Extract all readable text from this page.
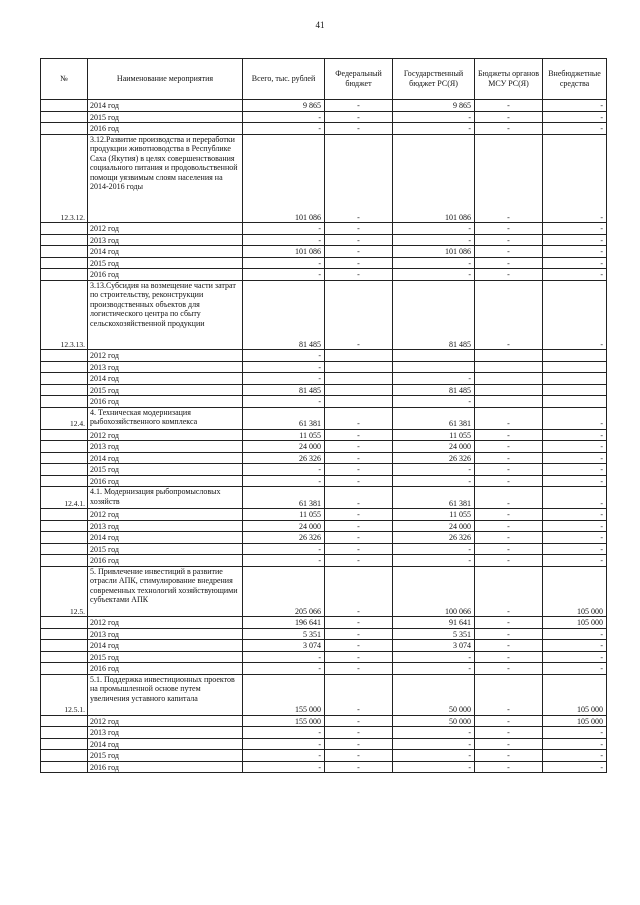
41
№	Наименование мероприятия	Всего, тыс. рублей	Федеральный бюджет	Государственный бюджет РС(Я)	Бюджеты органов МСУ РС(Я)	Внебюджетные средства
	2014 год	9 865	-	9 865	-	-
	2015 год	-	-	-	-	-
	2016 год	-	-	-	-	-
12.3.12.	3.12.Развитие производства и переработки продукции животноводства в Республике Саха (Якутия) в целях совершенствования социального питания и продовольственной помощи уязвимым слоям населения на 2014-2016 годы	101 086	-	101 086	-	-
	2012 год	-	-	-	-	-
	2013 год	-	-	-	-	-
	2014 год	101 086	-	101 086	-	-
	2015 год	-	-	-	-	-
	2016 год	-	-	-	-	-
12.3.13.	3.13.Субсидия на возмещение части затрат по строительству, реконструкции производственных объектов для логистического центра по сбыту сельскохозяйственной продукции	81 485	-	81 485	-	-
	2012 год	-				
	2013 год	-				
	2014 год	-		-		
	2015 год	81 485		81 485		
	2016 год	-		-		
12.4.	4. Техническая модернизация рыбохозяйственного комплекса	61 381	-	61 381	-	-
	2012 год	11 055	-	11 055	-	-
	2013 год	24 000	-	24 000	-	-
	2014 год	26 326	-	26 326	-	-
	2015 год	-	-	-	-	-
	2016 год	-	-	-	-	-
12.4.1.	4.1. Модернизация рыбопромысловых хозяйств	61 381	-	61 381	-	-
	2012 год	11 055	-	11 055	-	-
	2013 год	24 000	-	24 000	-	-
	2014 год	26 326	-	26 326	-	-
	2015 год	-	-	-	-	-
	2016 год	-	-	-	-	-
12.5.	5. Привлечение инвестиций в развитие отрасли АПК, стимулирование внедрения современных технологий хозяйствующими субъектами АПК	205 066	-	100 066	-	105 000
	2012 год	196 641	-	91 641	-	105 000
	2013 год	5 351	-	5 351	-	-
	2014 год	3 074	-	3 074	-	-
	2015 год	-	-	-	-	-
	2016 год	-	-	-	-	-
12.5.1.	5.1. Поддержка инвестиционных проектов на промышленной основе путем увеличения уставного капитала	155 000	-	50 000	-	105 000
	2012 год	155 000	-	50 000	-	105 000
	2013 год	-	-	-	-	-
	2014 год	-	-	-	-	-
	2015 год	-	-	-	-	-
	2016 год	-	-	-	-	-
